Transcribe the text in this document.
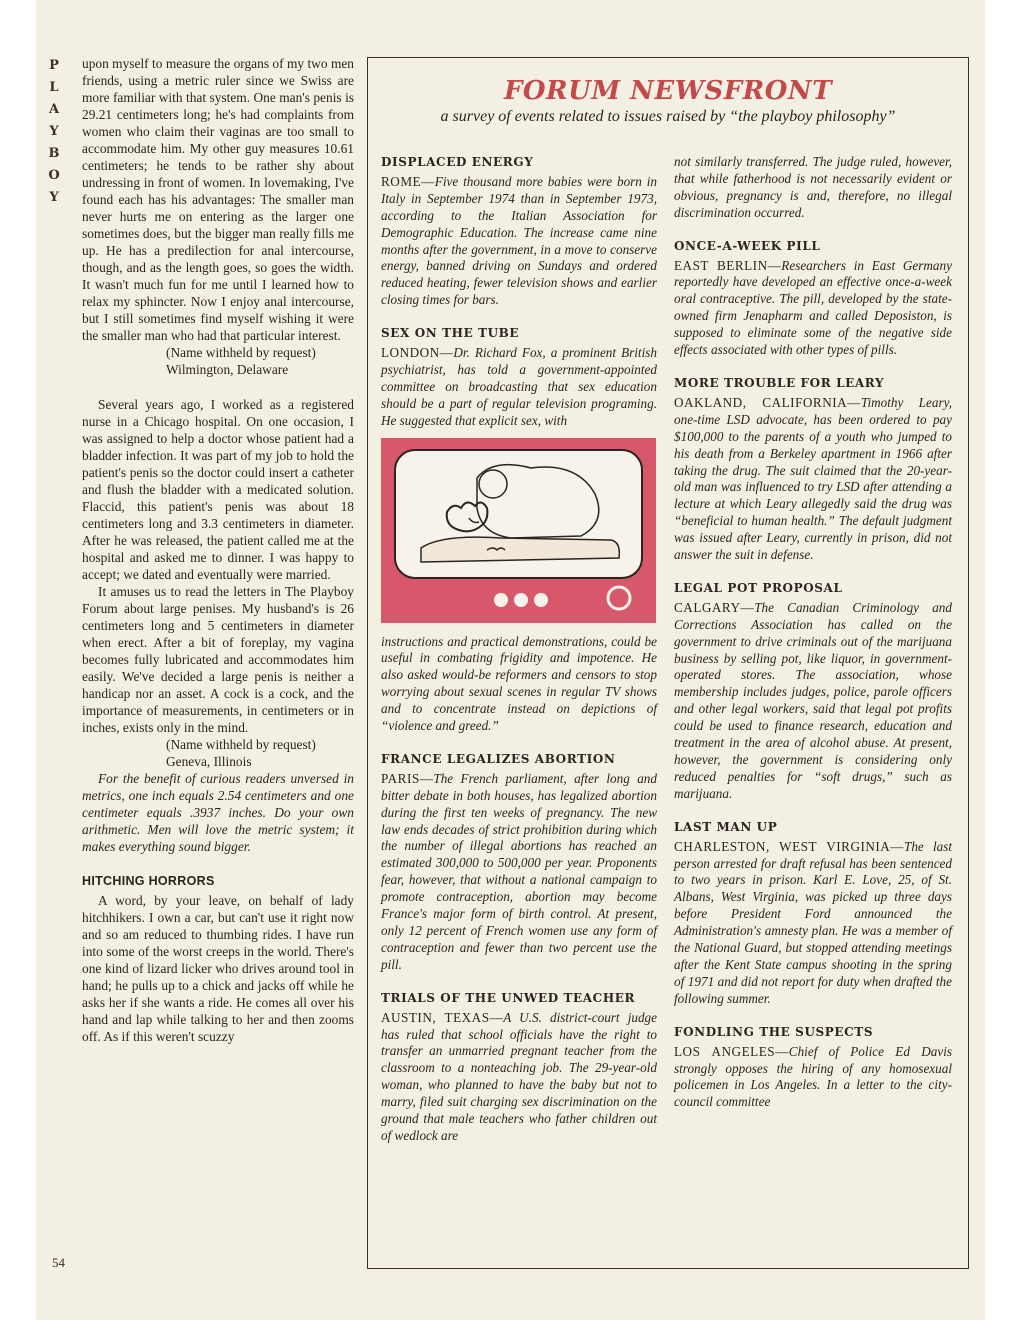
P
L
A
Y
B
O
Y
54

upon myself to measure the organs of my two men friends, using a metric ruler since we Swiss are more familiar with that system. One man's penis is 29.21 centimeters long; he's had complaints from women who claim their vaginas are too small to accommodate him. My other guy measures 10.61 centimeters; he tends to be rather shy about undressing in front of women. In lovemaking, I've found each has his advantages: The smaller man never hurts me on entering as the larger one sometimes does, but the bigger man really fills me up. He has a predilection for anal intercourse, though, and as the length goes, so goes the width. It wasn't much fun for me until I learned how to relax my sphincter. Now I enjoy anal intercourse, but I still sometimes find myself wishing it were the smaller man who had that particular interest.

(Name withheld by request)

Wilmington, Delaware

Several years ago, I worked as a registered nurse in a Chicago hospital. On one occasion, I was assigned to help a doctor whose patient had a bladder infection. It was part of my job to hold the patient's penis so the doctor could insert a catheter and flush the bladder with a medicated solution. Flaccid, this patient's penis was about 18 centimeters long and 3.3 centimeters in diameter. After he was released, the patient called me at the hospital and asked me to dinner. I was happy to accept; we dated and eventually were married.

It amuses us to read the letters in The Playboy Forum about large penises. My husband's is 26 centimeters long and 5 centimeters in diameter when erect. After a bit of foreplay, my vagina becomes fully lubricated and accommodates him easily. We've decided a large penis is neither a handicap nor an asset. A cock is a cock, and the importance of measurements, in centimeters or in inches, exists only in the mind.

(Name withheld by request)

Geneva, Illinois

For the benefit of curious readers unversed in metrics, one inch equals 2.54 centimeters and one centimeter equals .3937 inches. Do your own arithmetic. Men will love the metric system; it makes everything sound bigger.

HITCHING HORRORS

A word, by your leave, on behalf of lady hitchhikers. I own a car, but can't use it right now and so am reduced to thumbing rides. I have run into some of the worst creeps in the world. There's one kind of lizard licker who drives around tool in hand; he pulls up to a chick and jacks off while he asks her if she wants a ride. He comes all over his hand and lap while talking to her and then zooms off. As if this weren't scuzzy

FORUM NEWSFRONT
a survey of events related to issues raised by “the playboy philosophy”
DISPLACED ENERGY

ROME—Five thousand more babies were born in Italy in September 1974 than in September 1973, according to the Italian Association for Demographic Education. The increase came nine months after the government, in a move to conserve energy, banned driving on Sundays and ordered reduced heating, fewer television shows and earlier closing times for bars.

SEX ON THE TUBE

LONDON—Dr. Richard Fox, a prominent British psychiatrist, has told a government-appointed committee on broadcasting that sex education should be a part of regular television programing. He suggested that explicit sex, with

instructions and practical demonstrations, could be useful in combating frigidity and impotence. He also asked would-be reformers and censors to stop worrying about sexual scenes in regular TV shows and to concentrate instead on depictions of “violence and greed.”

FRANCE LEGALIZES ABORTION

PARIS—The French parliament, after long and bitter debate in both houses, has legalized abortion during the first ten weeks of pregnancy. The new law ends decades of strict prohibition during which the number of illegal abortions has reached an estimated 300,000 to 500,000 per year. Proponents fear, however, that without a national campaign to promote contraception, abortion may become France's major form of birth control. At present, only 12 percent of French women use any form of contraception and fewer than two percent use the pill.

TRIALS OF THE UNWED TEACHER

AUSTIN, TEXAS—A U.S. district-court judge has ruled that school officials have the right to transfer an unmarried pregnant teacher from the classroom to a nonteaching job. The 29-year-old woman, who planned to have the baby but not to marry, filed suit charging sex discrimination on the ground that male teachers who father children out of wedlock are

not similarly transferred. The judge ruled, however, that while fatherhood is not necessarily evident or obvious, pregnancy is and, therefore, no illegal discrimination occurred.

ONCE-A-WEEK PILL

EAST BERLIN—Researchers in East Germany reportedly have developed an effective once-a-week oral contraceptive. The pill, developed by the state-owned firm Jenapharm and called Deposiston, is supposed to eliminate some of the negative side effects associated with other types of pills.

MORE TROUBLE FOR LEARY

OAKLAND, CALIFORNIA—Timothy Leary, one-time LSD advocate, has been ordered to pay $100,000 to the parents of a youth who jumped to his death from a Berkeley apartment in 1966 after taking the drug. The suit claimed that the 20-year-old man was influenced to try LSD after attending a lecture at which Leary allegedly said the drug was “beneficial to human health.” The default judgment was issued after Leary, currently in prison, did not answer the suit in defense.

LEGAL POT PROPOSAL

CALGARY—The Canadian Criminology and Corrections Association has called on the government to drive criminals out of the marijuana business by selling pot, like liquor, in government-operated stores. The association, whose membership includes judges, police, parole officers and other legal workers, said that legal pot profits could be used to finance research, education and treatment in the area of alcohol abuse. At present, however, the government is considering only reduced penalties for “soft drugs,” such as marijuana.

LAST MAN UP

CHARLESTON, WEST VIRGINIA—The last person arrested for draft refusal has been sentenced to two years in prison. Karl E. Love, 25, of St. Albans, West Virginia, was picked up three days before President Ford announced the Administration's amnesty plan. He was a member of the National Guard, but stopped attending meetings after the Kent State campus shooting in the spring of 1971 and did not report for duty when drafted the following summer.

FONDLING THE SUSPECTS

LOS ANGELES—Chief of Police Ed Davis strongly opposes the hiring of any homosexual policemen in Los Angeles. In a letter to the city-council committee
